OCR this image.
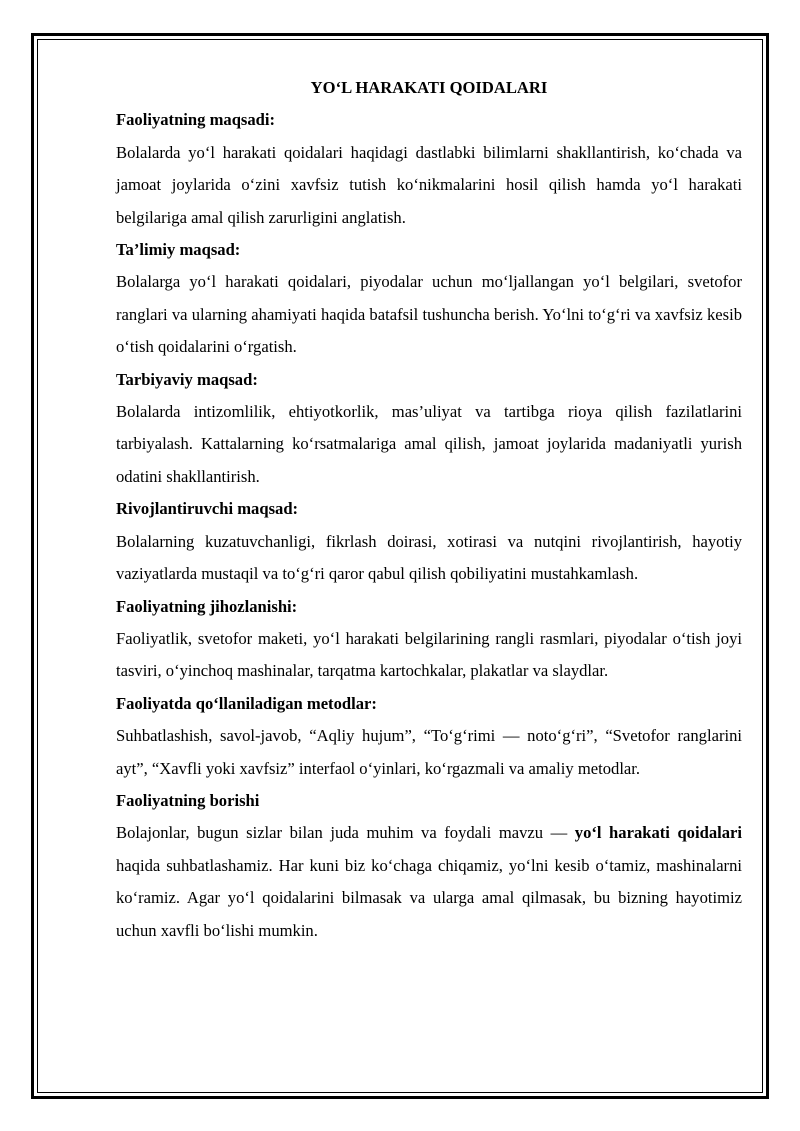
YO‘L HARAKATI QOIDALARI

Faoliyatning maqsadi:

Bolalarda yo‘l harakati qoidalari haqidagi dastlabki bilimlarni shakllantirish, ko‘chada va jamoat joylarida o‘zini xavfsiz tutish ko‘nikmalarini hosil qilish hamda yo‘l harakati belgilariga amal qilish zarurligini anglatish.

Ta’limiy maqsad:

Bolalarga yo‘l harakati qoidalari, piyodalar uchun mo‘ljallangan yo‘l belgilari, svetofor ranglari va ularning ahamiyati haqida batafsil tushuncha berish. Yo‘lni to‘g‘ri va xavfsiz kesib o‘tish qoidalarini o‘rgatish.

Tarbiyaviy maqsad:

Bolalarda intizomlilik, ehtiyotkorlik, mas’uliyat va tartibga rioya qilish fazilatlarini tarbiyalash. Kattalarning ko‘rsatmalariga amal qilish, jamoat joylarida madaniyatli yurish odatini shakllantirish.

Rivojlantiruvchi maqsad:

Bolalarning kuzatuvchanligi, fikrlash doirasi, xotirasi va nutqini rivojlantirish, hayotiy vaziyatlarda mustaqil va to‘g‘ri qaror qabul qilish qobiliyatini mustahkamlash.

Faoliyatning jihozlanishi:

Faoliyatlik, svetofor maketi, yo‘l harakati belgilarining rangli rasmlari, piyodalar o‘tish joyi tasviri, o‘yinchoq mashinalar, tarqatma kartochkalar, plakatlar va slaydlar.

Faoliyatda qo‘llaniladigan metodlar:

Suhbatlashish, savol-javob, “Aqliy hujum”, “To‘g‘rimi — noto‘g‘ri”, “Svetofor ranglarini ayt”, “Xavfli yoki xavfsiz” interfaol o‘yinlari, ko‘rgazmali va amaliy metodlar.

Faoliyatning borishi

Bolajonlar, bugun sizlar bilan juda muhim va foydali mavzu — yo‘l harakati qoidalari haqida suhbatlashamiz. Har kuni biz ko‘chaga chiqamiz, yo‘lni kesib o‘tamiz, mashinalarni ko‘ramiz. Agar yo‘l qoidalarini bilmasak va ularga amal qilmasak, bu bizning hayotimiz uchun xavfli bo‘lishi mumkin.
